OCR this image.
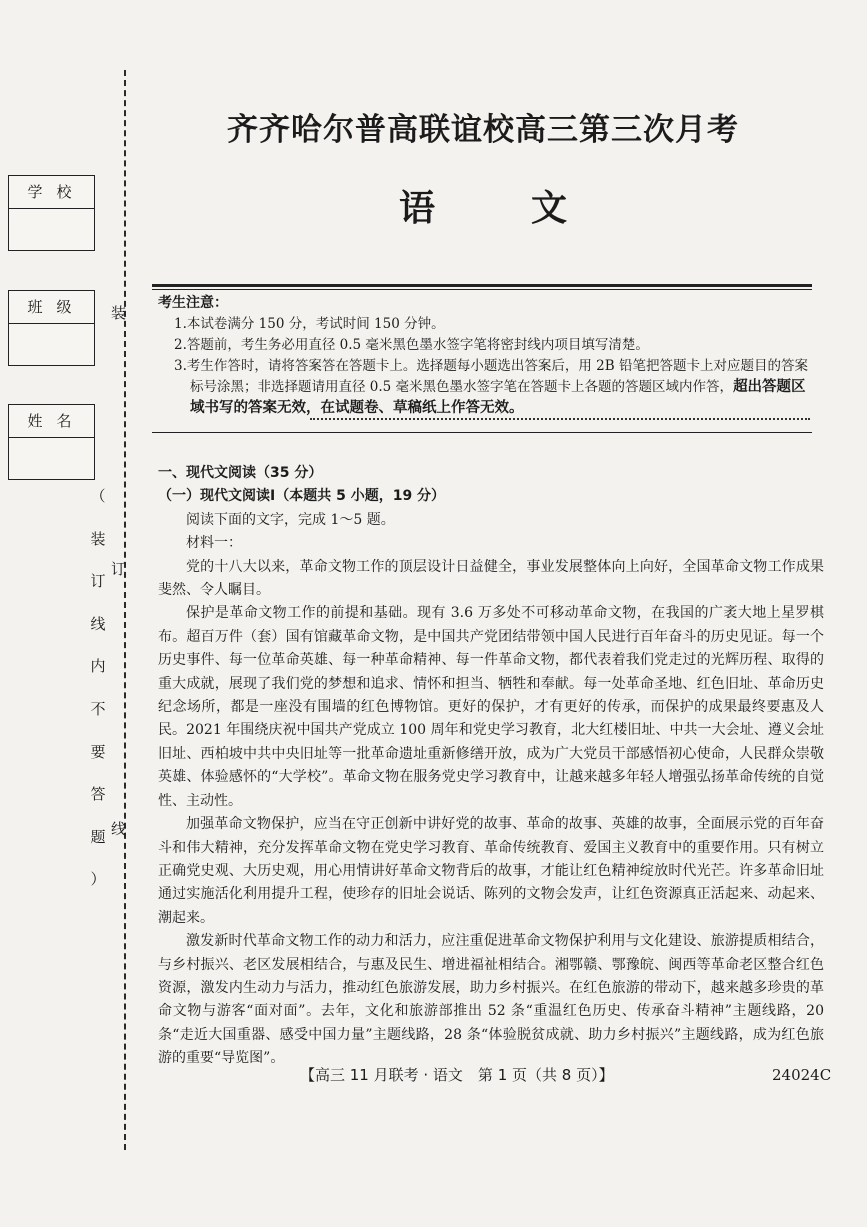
学校
班级
姓名
装
订
线
（
装
订
线
内
不
要
答
题
）
齐齐哈尔普高联谊校高三第三次月考
语文
考生注意：
1.本试卷满分 150 分，考试时间 150 分钟。
2.答题前，考生务必用直径 0.5 毫米黑色墨水签字笔将密封线内项目填写清楚。
3.考生作答时，请将答案答在答题卡上。选择题每小题选出答案后，用 2B 铅笔把答题卡上对应题目的答案标号涂黑；非选择题请用直径 0.5 毫米黑色墨水签字笔在答题卡上各题的答题区域内作答，超出答题区域书写的答案无效，在试题卷、草稿纸上作答无效。

一、现代文阅读（35 分）

（一）现代文阅读Ⅰ（本题共 5 小题，19 分）

阅读下面的文字，完成 1～5 题。

材料一：

党的十八大以来，革命文物工作的顶层设计日益健全，事业发展整体向上向好，全国革命文物工作成果斐然、令人瞩目。

保护是革命文物工作的前提和基础。现有 3.6 万多处不可移动革命文物，在我国的广袤大地上星罗棋布。超百万件（套）国有馆藏革命文物，是中国共产党团结带领中国人民进行百年奋斗的历史见证。每一个历史事件、每一位革命英雄、每一种革命精神、每一件革命文物，都代表着我们党走过的光辉历程、取得的重大成就，展现了我们党的梦想和追求、情怀和担当、牺牲和奉献。每一处革命圣地、红色旧址、革命历史纪念场所，都是一座没有围墙的红色博物馆。更好的保护，才有更好的传承，而保护的成果最终要惠及人民。2021 年围绕庆祝中国共产党成立 100 周年和党史学习教育，北大红楼旧址、中共一大会址、遵义会址旧址、西柏坡中共中央旧址等一批革命遗址重新修缮开放，成为广大党员干部感悟初心使命，人民群众崇敬英雄、体验感怀的“大学校”。革命文物在服务党史学习教育中，让越来越多年轻人增强弘扬革命传统的自觉性、主动性。

加强革命文物保护，应当在守正创新中讲好党的故事、革命的故事、英雄的故事，全面展示党的百年奋斗和伟大精神，充分发挥革命文物在党史学习教育、革命传统教育、爱国主义教育中的重要作用。只有树立正确党史观、大历史观，用心用情讲好革命文物背后的故事，才能让红色精神绽放时代光芒。许多革命旧址通过实施活化利用提升工程，使珍存的旧址会说话、陈列的文物会发声，让红色资源真正活起来、动起来、潮起来。

激发新时代革命文物工作的动力和活力，应注重促进革命文物保护利用与文化建设、旅游提质相结合，与乡村振兴、老区发展相结合，与惠及民生、增进福祉相结合。湘鄂赣、鄂豫皖、闽西等革命老区整合红色资源，激发内生动力与活力，推动红色旅游发展，助力乡村振兴。在红色旅游的带动下，越来越多珍贵的革命文物与游客“面对面”。去年，文化和旅游部推出 52 条“重温红色历史、传承奋斗精神”主题线路，20 条“走近大国重器、感受中国力量”主题线路，28 条“体验脱贫成就、助力乡村振兴”主题线路，成为红色旅游的重要“导览图”。

【高三 11 月联考 · 语文　第 1 页（共 8 页）】	24024C
